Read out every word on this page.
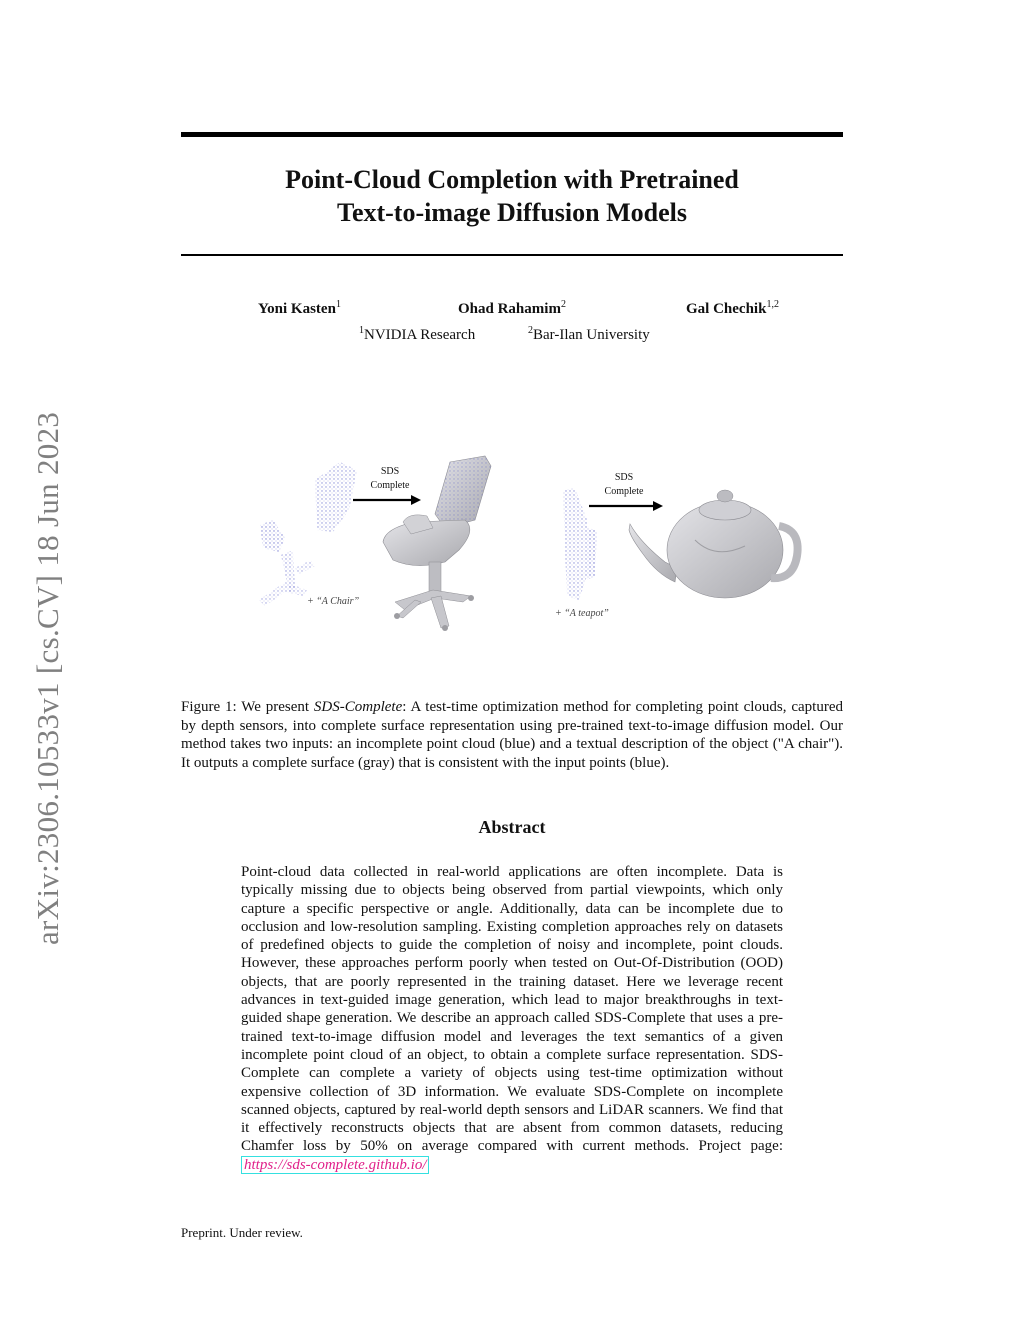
arXiv:2306.10533v1 [cs.CV] 18 Jun 2023
Point-Cloud Completion with Pretrained
Text-to-image Diffusion Models
Yoni Kasten$^1$	Ohad Rahamim$^2$	Gal Chechik$^{1,2}$
$^1$NVIDIA Research	$^2$Bar-Ilan University
+ “A Chair”
SDS
Complete
+ “A teapot”
SDS
Complete

Figure 1: We present SDS-Complete: A test-time optimization method for completing point clouds, captured by depth sensors, into complete surface representation using pre-trained text-to-image diffusion model. Our method takes two inputs: an incomplete point cloud (blue) and a textual description of the object ("A chair"). It outputs a complete surface (gray) that is consistent with the input points (blue).

Abstract

Point-cloud data collected in real-world applications are often incomplete. Data is typically missing due to objects being observed from partial viewpoints, which only capture a specific perspective or angle. Additionally, data can be incomplete due to occlusion and low-resolution sampling. Existing completion approaches rely on datasets of predefined objects to guide the completion of noisy and incomplete, point clouds. However, these approaches perform poorly when tested on Out-Of-Distribution (OOD) objects, that are poorly represented in the training dataset. Here we leverage recent advances in text-guided image generation, which lead to major breakthroughs in text-guided shape generation. We describe an approach called SDS-Complete that uses a pre-trained text-to-image diffusion model and leverages the text semantics of a given incomplete point cloud of an object, to obtain a complete surface representation. SDS-Complete can complete a variety of objects using test-time optimization without expensive collection of 3D information. We evaluate SDS-Complete on incomplete scanned objects, captured by real-world depth sensors and LiDAR scanners. We find that it effectively reconstructs objects that are absent from common datasets, reducing Chamfer loss by 50% on average compared with current methods. Project page: https://sds-complete.github.io/

Preprint. Under review.
